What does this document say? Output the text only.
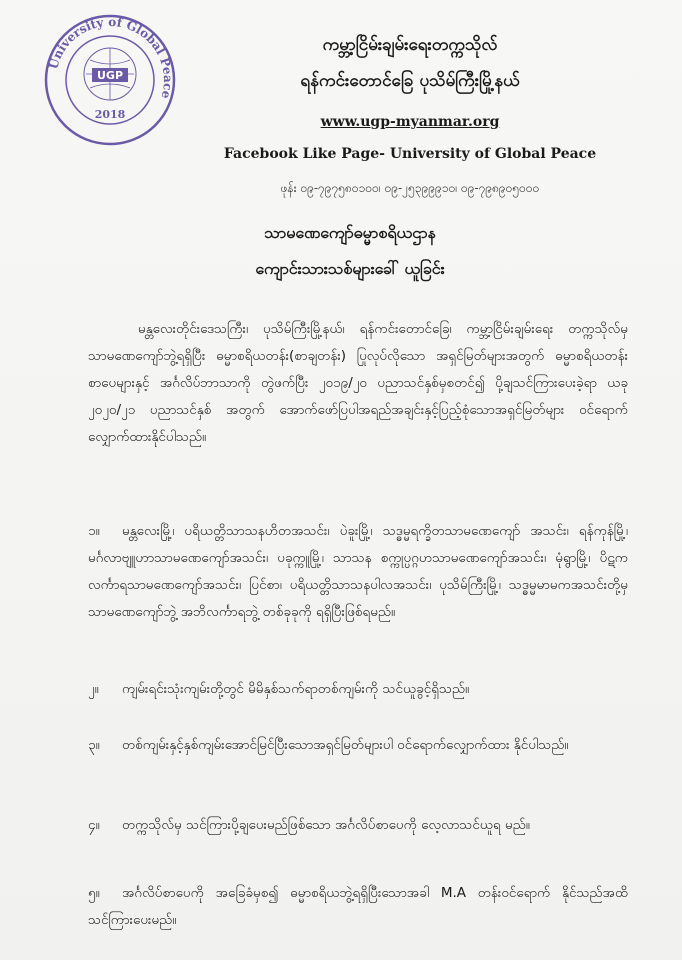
University of Global Peace
UGP
2018
ကမ္ဘာ့ငြိမ်းချမ်းရေးတက္ကသိုလ်
ရန်ကင်းတောင်ခြေ ပုသိမ်ကြီးမြို့နယ်
www.ugp-myanmar.org
Facebook Like Page- University of Global Peace
ဖုန်း ၀၉-၇၉၇၅၈၀၁၀၀၊ ၀၉-၂၅၃၉၉၉၁၀၊ ၀၉-၇၉၈၉၀၅၀၀၀
သာမဏေကျော်ဓမ္မာစရိယဌာန
ကျောင်းသားသစ်များခေါ် ယူခြင်း
မန္တလေးတိုင်းဒေသကြီး၊ ပုသိမ်ကြီးမြို့နယ်၊ ရန်ကင်းတောင်ခြေ၊ ကမ္ဘာ့ငြိမ်းချမ်းရေး တက္ကသိုလ်မှ သာမဏေကျော်ဘွဲ့ရရှိပြီး ဓမ္မာစရိယတန်း(စာချတန်း) ပြုလုပ်လိုသော အရှင်မြတ်များအတွက် ဓမ္မာစရိယတန်းစာပေများနှင့် အင်္ဂလိပ်ဘာသာကို တွဲဖက်ပြီး ၂၀၁၉/၂၀ ပညာသင်နှစ်မှစတင်၍ ပို့ချသင်ကြားပေးခဲ့ရာ ယခု ၂၀၂၀/၂၁ ပညာသင်နှစ် အတွက် အောက်ဖော်ပြပါအရည်အချင်းနှင့်ပြည့်စုံသောအရှင်မြတ်များ ဝင်ရောက် လျှောက်ထားနိုင်ပါသည်။
၁။ မန္တလေးမြို့၊ ပရိယတ္တိသာသနဟိတအသင်း၊ ပဲခူးမြို့၊ သဒ္ဓမ္မရက္ခိတသာမဏေကျော် အသင်း၊ ရန်ကုန်မြို့၊ မင်္ဂလာဗျူဟာသာမဏေကျော်အသင်း၊ ပခုက္ကူမြို့၊ သာသန စက္ကုပ္ပဂ္ဂဟသာမဏေကျော်အသင်း၊ မုံရွာမြို့၊ ပိဋကလင်္ကာရသာမဏေကျော်အသင်း၊ ပြင်စာ၊ ပရိယတ္တိသာသနပါလအသင်း၊ ပုသိမ်ကြီးမြို့၊ သဒ္ဓမ္မမာမကအသင်းတို့မှ သာမဏေကျော်ဘွဲ့ အဘိလင်္ကာရဘွဲ့ တစ်ခုခုကို ရရှိပြီးဖြစ်ရမည်။
၂။ ကျမ်းရင်းသုံးကျမ်းတို့တွင် မိမိနှစ်သက်ရာတစ်ကျမ်းကို သင်ယူခွင့်ရှိသည်။
၃။ တစ်ကျမ်းနှင့်နှစ်ကျမ်းအောင်မြင်ပြီးသောအရှင်မြတ်များပါ ဝင်ရောက်လျှောက်ထား နိုင်ပါသည်။
၄။ တက္ကသိုလ်မှ သင်ကြားပို့ချပေးမည်ဖြစ်သော အင်္ဂလိပ်စာပေကို လေ့လာသင်ယူရ မည်။
၅။ အင်္ဂလိပ်စာပေကို အခြေခံမှစ၍ ဓမ္မာစရိယဘွဲ့ရရှိပြီးသောအခါ M.A တန်းဝင်ရောက် နိုင်သည်အထိ သင်ကြားပေးမည်။
